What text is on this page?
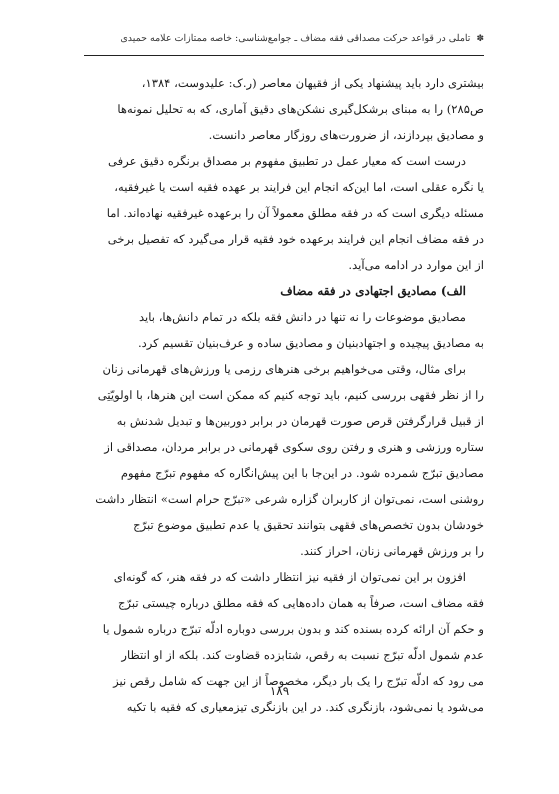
✽
تاملی در قواعد حرکت مصداقی فقه مضاف ـ جوامع‌شناسی: خاصه ممتازات علامه حمیدی
بیشتری دارد باید پیشنهاد یکی از فقیهان معاصر (ر.ک: علیدوست، ۱۳۸۴،
ص۲۸۵) را به مبنای برشکل‌گیری نشکن‌های دقیق آماری، که به تحلیل نمونه‌ها
و مصادیق بپردازند، از ضرورت‌های روزگار معاصر دانست.
درست است که معیار عمل در تطبیق مفهوم بر مصداق برنگره دقیق عرفی
یا نگره عقلی است، اما این‌که انجام این فرایند بر عهده فقیه است یا غیرفقیه،
مسئله دیگری است که در فقه مطلق معمولاً آن را برعهده غیرفقیه نهاده‌اند. اما
در فقه مضاف انجام این فرایند برعهده خود فقیه قرار می‌گیرد که تفصیل برخی
از این موارد در ادامه می‌آید.
الف) مصادیق اجتهادی در فقه مضاف
مصادیق موضوعات را نه تنها در دانش فقه بلکه در تمام دانش‌ها، باید
به مصادیق پیچیده و اجتهادبنیان و مصادیق ساده و عرف‌بنیان تقسیم کرد.
برای مثال، وقتی می‌خواهیم برخی هنرهای رزمی یا ورزش‌های قهرمانی زنان
را از نظر فقهی بررسی کنیم، باید توجه کنیم که ممکن است این هنرها، با اولویّتِی
از قبیل قرارگرفتن قرص صورت قهرمان در برابر دوربین‌ها و تبدیل شدنش به
ستاره ورزشی و هنری و رفتن روی سکوی قهرمانی در برابر مردان، مصداقی از
مصادیق تبرّج شمرده شود. در این‌جا با این پیش‌انگاره که مفهوم تبرّج مفهوم
روشنی است، نمی‌توان از کاربران گزاره شرعی «تبرّج حرام است» انتظار داشت
خودشان بدون تخصص‌های فقهی بتوانند تحقیق یا عدم تطبیق موضوع تبرّج
را بر ورزش قهرمانی زنان، احراز کنند.
افزون بر این نمی‌توان از فقیه نیز انتظار داشت که در فقه هنر، که گونه‌ای
فقه مضاف است، صرفاً به همان داده‌هایی که فقه مطلق درباره چیستی تبرّج
و حکم آن ارائه کرده بسنده کند و بدون بررسی دوباره ادلّه تبرّج درباره شمول یا
عدم شمول ادلّه تبرّج نسبت به رقص، شتابزده قضاوت کند. بلکه از او انتظار
می رود که ادلّه تبرّج را یک بار دیگر، مخصوصاً از این جهت که شامل رقص نیز
می‌شود یا نمی‌شود، بازنگری کند. در این بازنگری تیزمعیاری که فقیه با تکیه
۱۸۹
